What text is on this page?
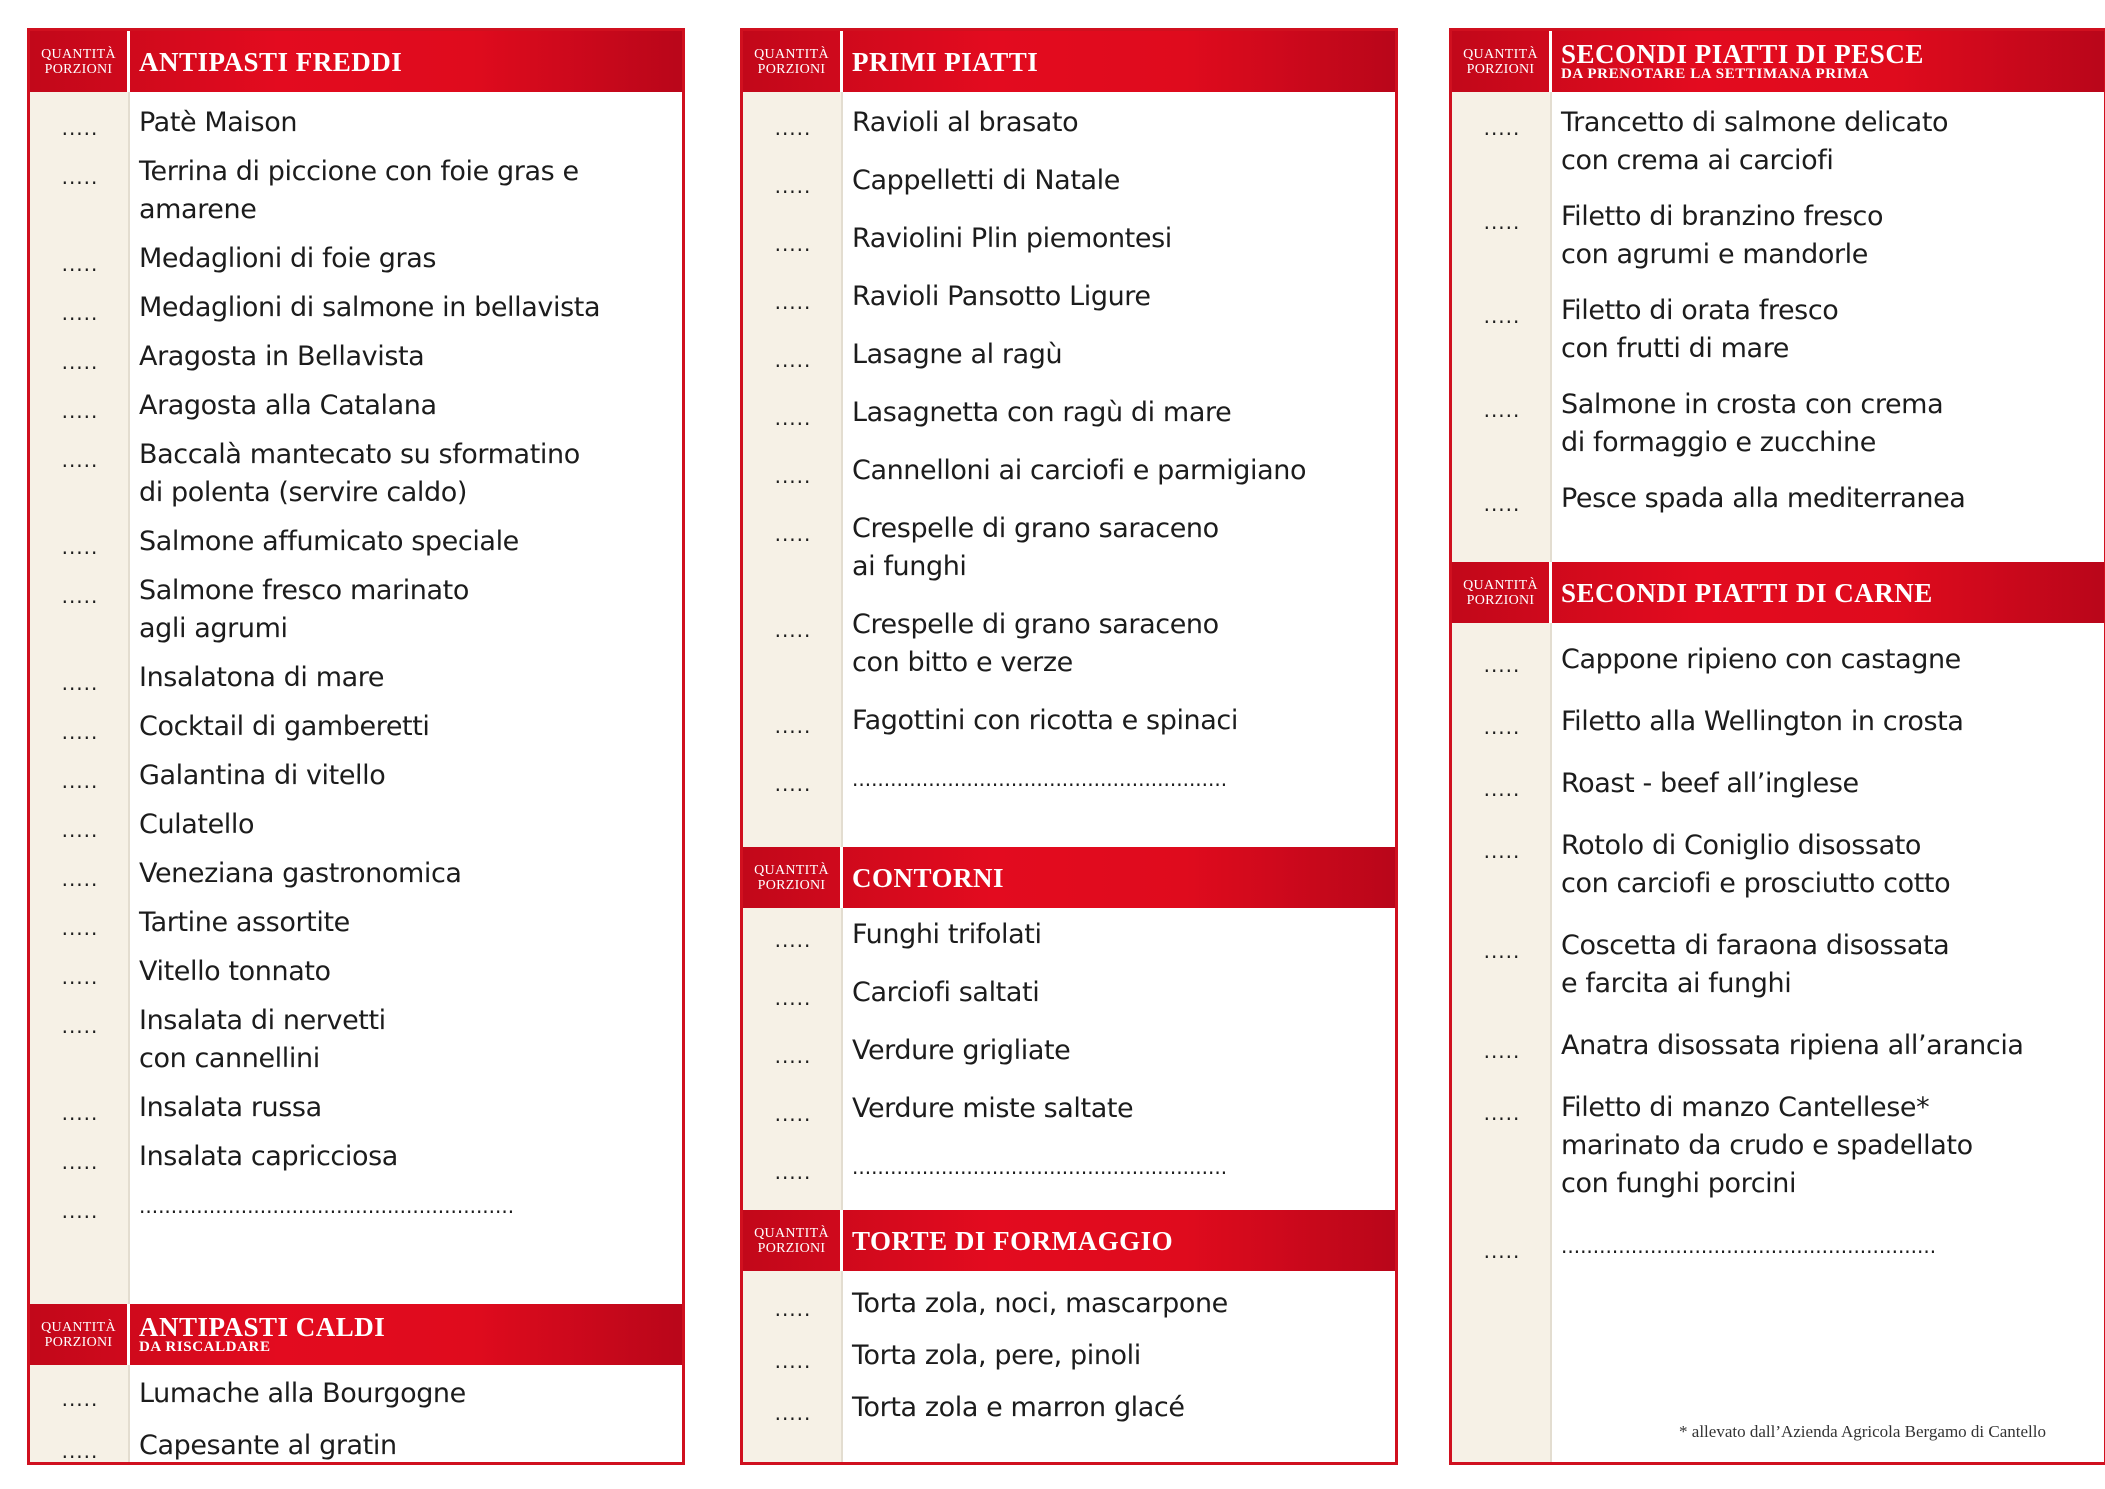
QUANTITÀ
PORZIONI ANTIPASTI FREDDI
.....	Patè Maison
.....	Terrina di piccione con foie gras e amarene
.....	Medaglioni di foie gras
.....	Medaglioni di salmone in bellavista
.....	Aragosta in Bellavista
.....	Aragosta alla Catalana
.....	Baccalà mantecato su sformatino
di polenta (servire caldo)
.....	Salmone affumicato speciale
.....	Salmone fresco marinato
agli agrumi
.....	Insalatona di mare
.....	Cocktail di gamberetti
.....	Galantina di vitello
.....	Culatello
.....	Veneziana gastronomica
.....	Tartine assortite
.....	Vitello tonnato
.....	Insalata di nervetti
con cannellini
.....	Insalata russa
.....	Insalata capricciosa
.....	...........................................................
QUANTITÀ
PORZIONI ANTIPASTI CALDI
DA RISCALDARE
.....	Lumache alla Bourgogne
.....	Capesante al gratin
QUANTITÀ
PORZIONI PRIMI PIATTI
.....	Ravioli al brasato
.....	Cappelletti di Natale
.....	Raviolini Plin piemontesi
.....	Ravioli Pansotto Ligure
.....	Lasagne al ragù
.....	Lasagnetta con ragù di mare
.....	Cannelloni ai carciofi e parmigiano
.....	Crespelle di grano saraceno
ai funghi
.....	Crespelle di grano saraceno
con bitto e verze
.....	Fagottini con ricotta e spinaci
.....	...........................................................
QUANTITÀ
PORZIONI CONTORNI
.....	Funghi trifolati
.....	Carciofi saltati
.....	Verdure grigliate
.....	Verdure miste saltate
.....	...........................................................
QUANTITÀ
PORZIONI TORTE DI FORMAGGIO
.....	Torta zola, noci, mascarpone
.....	Torta zola, pere, pinoli
.....	Torta zola e marron glacé
QUANTITÀ
PORZIONI SECONDI PIATTI DI PESCE
DA PRENOTARE LA SETTIMANA PRIMA
.....	Trancetto di salmone delicato
con crema ai carciofi
.....	Filetto di branzino fresco
con agrumi e mandorle
.....	Filetto di orata fresco
con frutti di mare
.....	Salmone in crosta con crema
di formaggio e zucchine
.....	Pesce spada alla mediterranea
QUANTITÀ
PORZIONI SECONDI PIATTI DI CARNE
.....	Cappone ripieno con castagne
.....	Filetto alla Wellington in crosta
.....	Roast - beef all’inglese
.....	Rotolo di Coniglio disossato
con carciofi e prosciutto cotto
.....	Coscetta di faraona disossata
e farcita ai funghi
.....	Anatra disossata ripiena all’arancia
.....	Filetto di manzo Cantellese*
marinato da crudo e spadellato
con funghi porcini
.....	...........................................................
* allevato dall’Azienda Agricola Bergamo di Cantello
